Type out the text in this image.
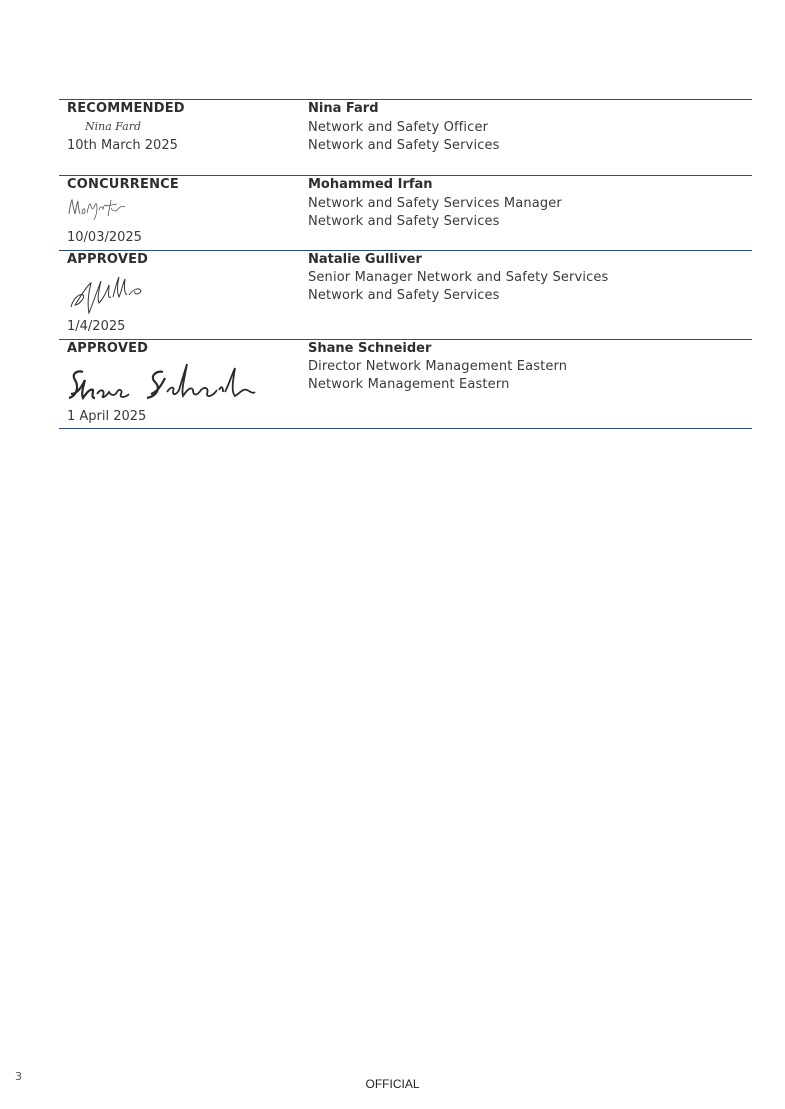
RECOMMENDED
Nina Fard
10th March 2025
Nina Fard
Network and Safety Officer
Network and Safety Services
CONCURRENCE
10/03/2025
Mohammed Irfan
Network and Safety Services Manager
Network and Safety Services
APPROVED
1/4/2025
Natalie Gulliver
Senior Manager Network and Safety Services
Network and Safety Services
APPROVED
1 April 2025
Shane Schneider
Director Network Management Eastern
Network Management Eastern
3
OFFICIAL
